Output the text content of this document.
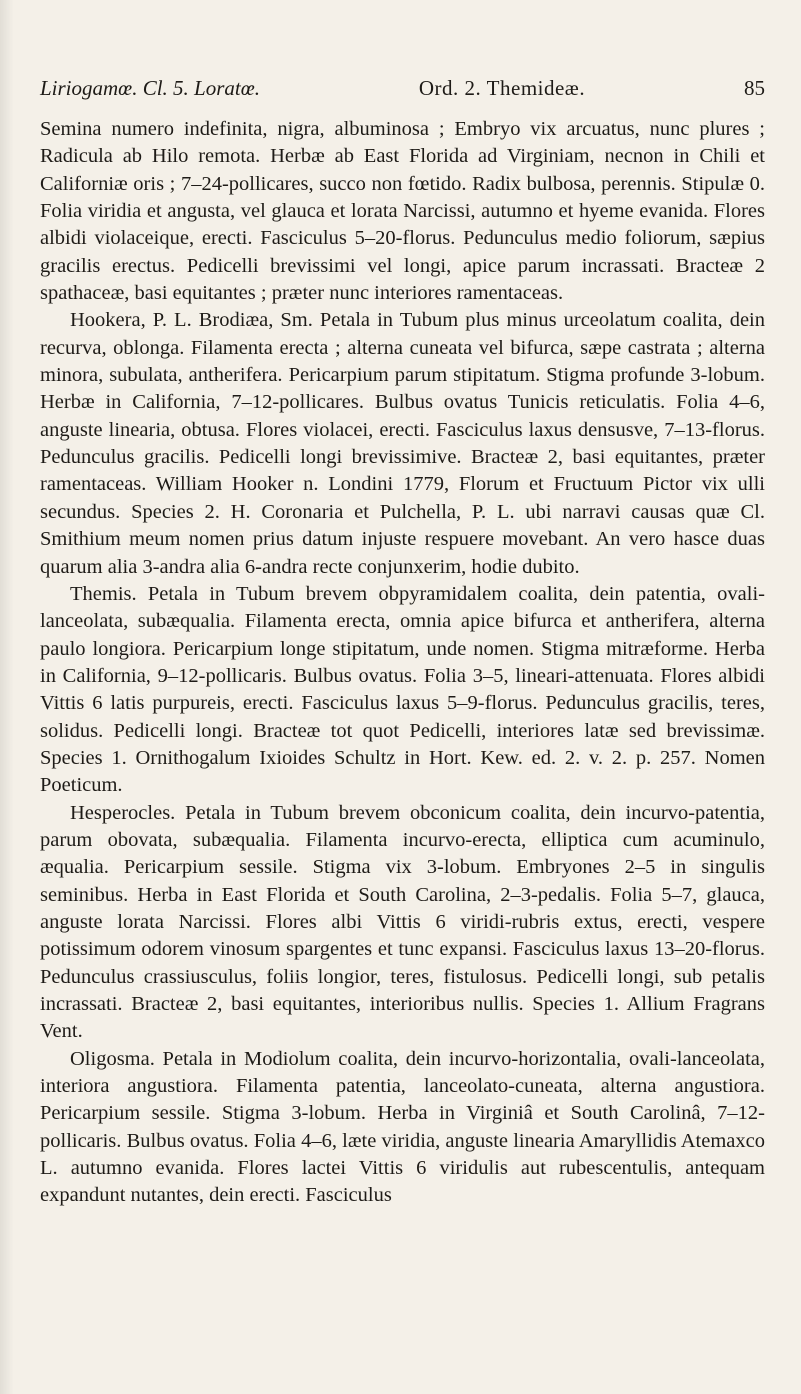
Liriogamœ. Cl. 5. Loratœ.	Ord. 2. Themideæ.	85

Semina numero indefinita, nigra, albuminosa ; Embryo vix arcuatus, nunc plures ; Radicula ab Hilo remota. Herbæ ab East Florida ad Virginiam, necnon in Chili et Californiæ oris ; 7–24-pollicares, succo non fœtido. Radix bulbosa, perennis. Stipulæ 0. Folia viridia et angusta, vel glauca et lorata Narcissi, autumno et hyeme evanida. Flores albidi violaceique, erecti. Fasciculus 5–20-florus. Pedunculus medio foliorum, sæpius gracilis erectus. Pedicelli brevissimi vel longi, apice parum incrassati. Bracteæ 2 spathaceæ, basi equitantes ; præter nunc interiores ramentaceas.

Hookera, P. L. Brodiæa, Sm. Petala in Tubum plus minus urceolatum coalita, dein recurva, oblonga. Filamenta erecta ; alterna cuneata vel bifurca, sæpe castrata ; alterna minora, subulata, antherifera. Pericarpium parum stipitatum. Stigma profunde 3-lobum. Herbæ in California, 7–12-pollicares. Bulbus ovatus Tunicis reticulatis. Folia 4–6, anguste linearia, obtusa. Flores violacei, erecti. Fasciculus laxus densusve, 7–13-florus. Pedunculus gracilis. Pedicelli longi brevissimive. Bracteæ 2, basi equitantes, præter ramentaceas. William Hooker n. Londini 1779, Florum et Fructuum Pictor vix ulli secundus. Species 2. H. Coronaria et Pulchella, P. L. ubi narravi causas quæ Cl. Smithium meum nomen prius datum injuste respuere movebant. An vero hasce duas quarum alia 3-andra alia 6-andra recte conjunxerim, hodie dubito.

Themis. Petala in Tubum brevem obpyramidalem coalita, dein patentia, ovali-lanceolata, subæqualia. Filamenta erecta, omnia apice bifurca et antherifera, alterna paulo longiora. Pericarpium longe stipitatum, unde nomen. Stigma mitræforme. Herba in California, 9–12-pollicaris. Bulbus ovatus. Folia 3–5, lineari-attenuata. Flores albidi Vittis 6 latis purpureis, erecti. Fasciculus laxus 5–9-florus. Pedunculus gracilis, teres, solidus. Pedicelli longi. Bracteæ tot quot Pedicelli, interiores latæ sed brevissimæ. Species 1. Ornithogalum Ixioides Schultz in Hort. Kew. ed. 2. v. 2. p. 257. Nomen Poeticum.

Hesperocles. Petala in Tubum brevem obconicum coalita, dein incurvo-patentia, parum obovata, subæqualia. Filamenta incurvo-erecta, elliptica cum acuminulo, æqualia. Pericarpium sessile. Stigma vix 3-lobum. Embryones 2–5 in singulis seminibus. Herba in East Florida et South Carolina, 2–3-pedalis. Folia 5–7, glauca, anguste lorata Narcissi. Flores albi Vittis 6 viridi-rubris extus, erecti, vespere potissimum odorem vinosum spargentes et tunc expansi. Fasciculus laxus 13–20-florus. Pedunculus crassiusculus, foliis longior, teres, fistulosus. Pedicelli longi, sub petalis incrassati. Bracteæ 2, basi equitantes, interioribus nullis. Species 1. Allium Fragrans Vent.

Oligosma. Petala in Modiolum coalita, dein incurvo-horizontalia, ovali-lanceolata, interiora angustiora. Filamenta patentia, lanceolato-cuneata, alterna angustiora. Pericarpium sessile. Stigma 3-lobum. Herba in Virginiâ et South Carolinâ, 7–12-pollicaris. Bulbus ovatus. Folia 4–6, læte viridia, anguste linearia Amaryllidis Atemaxco L. autumno evanida. Flores lactei Vittis 6 viridulis aut rubescentulis, antequam expandunt nutantes, dein erecti. Fasciculus
